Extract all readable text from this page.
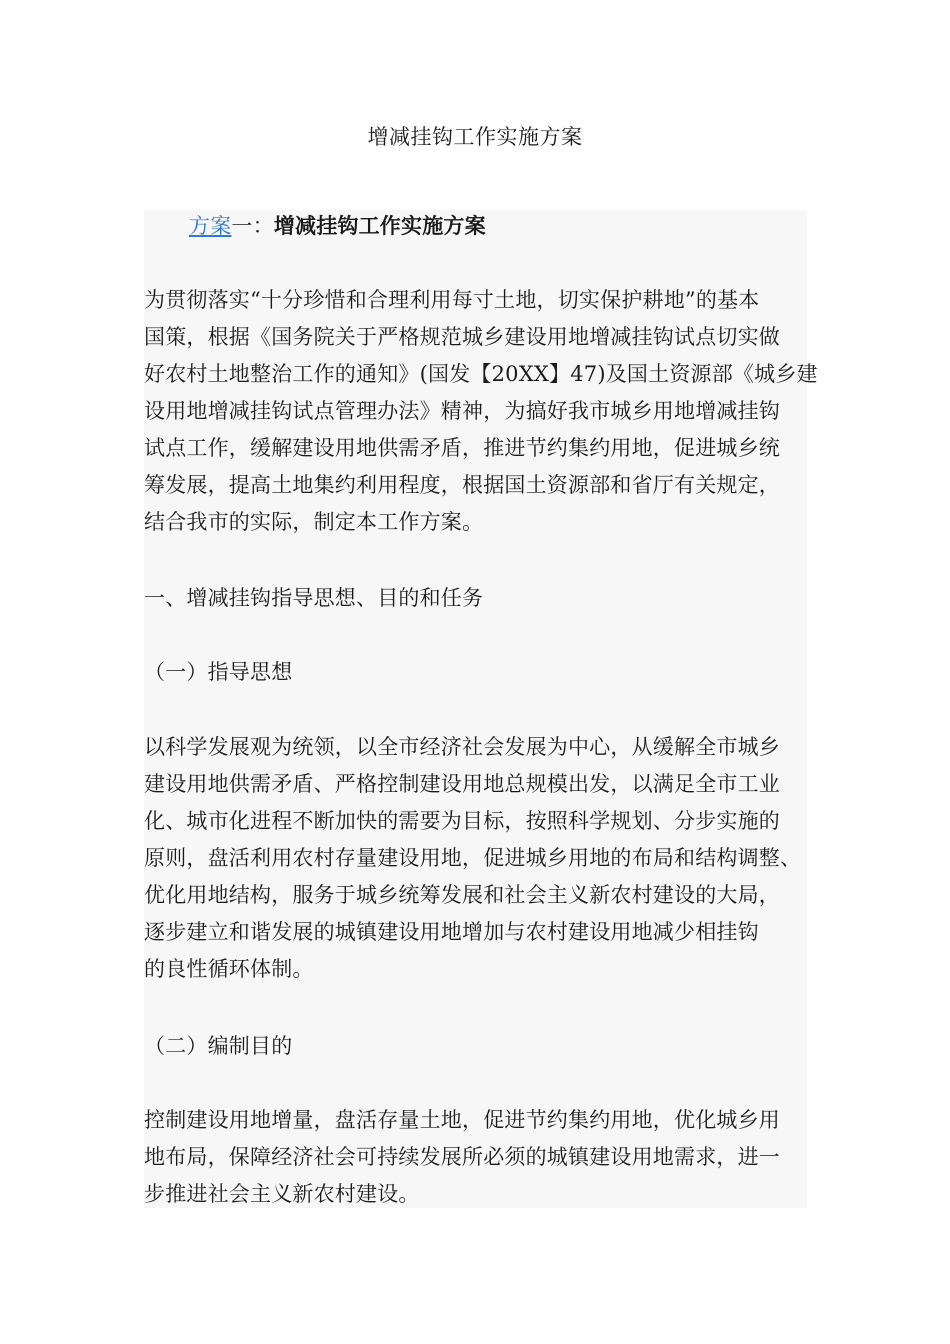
增减挂钩工作实施方案
方案一：增减挂钩工作实施方案
为贯彻落实“十分珍惜和合理利用每寸土地，切实保护耕地”的基本
国策，根据《国务院关于严格规范城乡建设用地增减挂钩试点切实做
好农村土地整治工作的通知》(国发【20XX】47)及国土资源部《城乡建
设用地增减挂钩试点管理办法》精神，为搞好我市城乡用地增减挂钩
试点工作，缓解建设用地供需矛盾，推进节约集约用地，促进城乡统
筹发展，提高土地集约利用程度，根据国土资源部和省厅有关规定，
结合我市的实际，制定本工作方案。
一、增减挂钩指导思想、目的和任务
（一）指导思想
以科学发展观为统领，以全市经济社会发展为中心，从缓解全市城乡
建设用地供需矛盾、严格控制建设用地总规模出发，以满足全市工业
化、城市化进程不断加快的需要为目标，按照科学规划、分步实施的
原则，盘活利用农村存量建设用地，促进城乡用地的布局和结构调整、
优化用地结构，服务于城乡统筹发展和社会主义新农村建设的大局，
逐步建立和谐发展的城镇建设用地增加与农村建设用地减少相挂钩
的良性循环体制。
（二）编制目的
控制建设用地增量，盘活存量土地，促进节约集约用地，优化城乡用
地布局，保障经济社会可持续发展所必须的城镇建设用地需求，进一
步推进社会主义新农村建设。
